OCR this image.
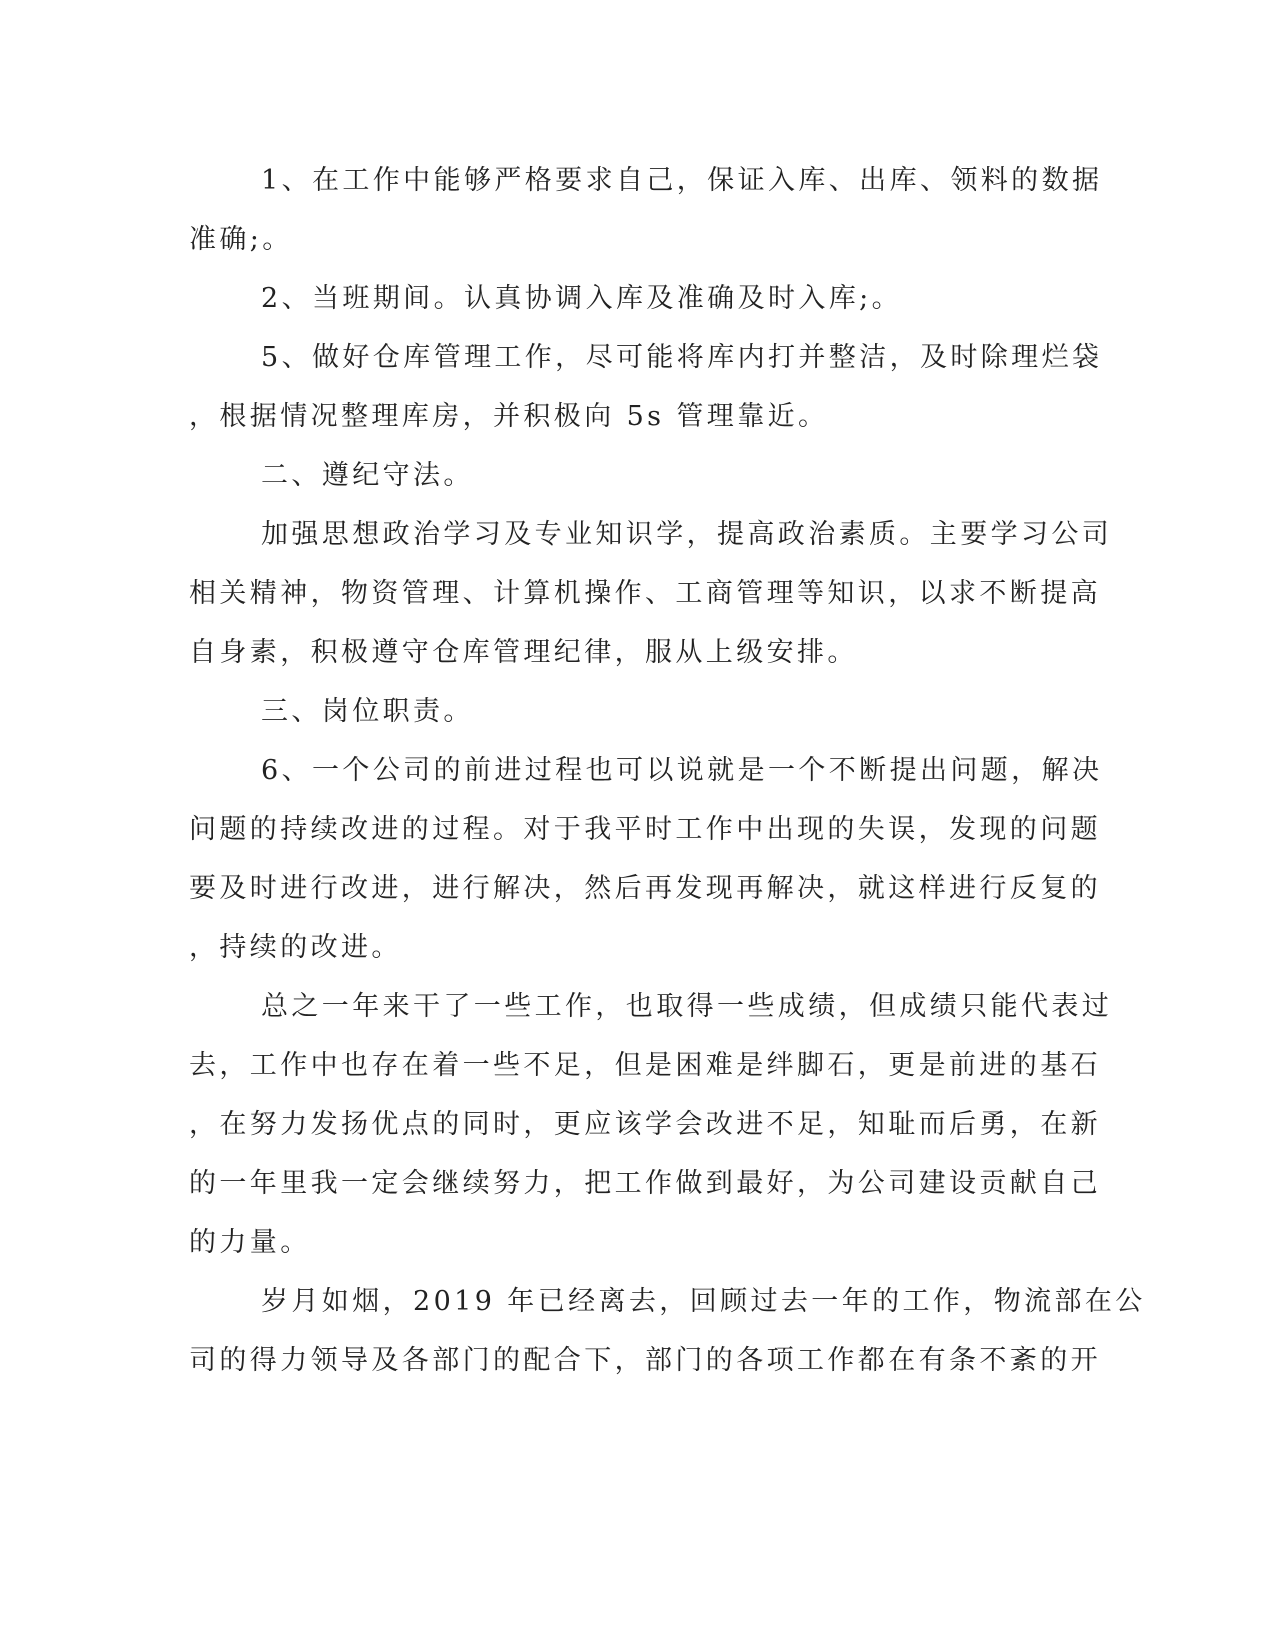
1、在工作中能够严格要求自己，保证入库、出库、领料的数据
准确;。
2、当班期间。认真协调入库及准确及时入库;。
5、做好仓库管理工作，尽可能将库内打并整洁，及时除理烂袋
，根据情况整理库房，并积极向 5s 管理靠近。
二、遵纪守法。
加强思想政治学习及专业知识学，提高政治素质。主要学习公司
相关精神，物资管理、计算机操作、工商管理等知识，以求不断提高
自身素，积极遵守仓库管理纪律，服从上级安排。
三、岗位职责。
6、一个公司的前进过程也可以说就是一个不断提出问题，解决
问题的持续改进的过程。对于我平时工作中出现的失误，发现的问题
要及时进行改进，进行解决，然后再发现再解决，就这样进行反复的
，持续的改进。
总之一年来干了一些工作，也取得一些成绩，但成绩只能代表过
去，工作中也存在着一些不足，但是困难是绊脚石，更是前进的基石
，在努力发扬优点的同时，更应该学会改进不足，知耻而后勇，在新
的一年里我一定会继续努力，把工作做到最好，为公司建设贡献自己
的力量。
岁月如烟，2019 年已经离去，回顾过去一年的工作，物流部在公
司的得力领导及各部门的配合下，部门的各项工作都在有条不紊的开
